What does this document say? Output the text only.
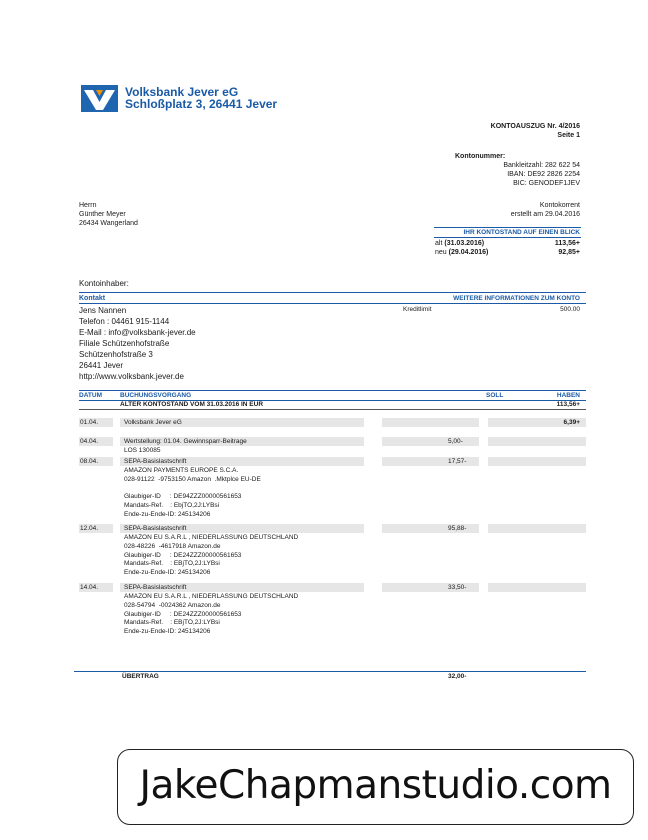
Volksbank Jever eG
Schloßplatz 3, 26441 Jever
KONTOAUSZUG Nr. 4/2016
Seite 1
Kontonummer:
Bankleitzahl: 282 622 54
IBAN: DE92 2826 2254
BIC: GENODEF1JEV
Herrn
Günther Meyer
26434 Wangerland
Kontokorrent
erstellt am 29.04.2016
IHR KONTOSTAND AUF EINEN BLICK
alt (31.03.2016)	113,56+
neu (29.04.2016)	92,85+
Kontoinhaber:
Kontakt	WEITERE INFORMATIONEN ZUM KONTO
Kreditlimit	500.00
Jens Nannen
Telefon : 04461 915-1144
E-Mail : info@volksbank-jever.de
Filiale Schützenhofstraße
Schützenhofstraße 3
26441 Jever
http://www.volksbank.jever.de
DATUM	BUCHUNGSVORGANG	SOLL	HABEN
ALTER KONTOSTAND VOM 31.03.2016 IN EUR	113,56+
01.04.	Volksbank Jever eG	6,39+
04.04.	Wertstellung: 01.04. Gewinnsparr-Beitrage	5,00-
LOS 130085
08.04.	SEPA-Basislastschrift	17,57-
AMAZON PAYMENTS EUROPE S.C.A.
028-91122  -9753150 Amazon  .Mktplce EU-DE
Glaubiger-ID     : DE94ZZZ00000561653
Mandats-Ref.    : EbjTO,2J:LYBsi
Ende-zu-Ende-ID: 245134206
12.04.	SEPA-Basislastschrift	95,88-
AMAZON EU S.A.R.L , NIEDERLASSUNG DEUTSCHLAND
028-48226  -4617918 Amazon.de
Glaubiger-ID     : DE24ZZZ00000561653
Mandats-Ref.    : EBjTO,2J:LYBsi
Ende-zu-Ende-ID: 245134206
14.04.	SEPA-Basislastschrift	33,50-
AMAZON EU S.A.R.L , NIEDERLASSUNG DEUTSCHLAND
028-54794  -0024362 Amazon.de
Glaubiger-ID     : DE24ZZZ00000561653
Mandats-Ref.    : EBjTO,2J:LYBsi
Ende-zu-Ende-ID: 245134206
ÜBERTRAG	32,00-
JakeChapmanstudio.com
